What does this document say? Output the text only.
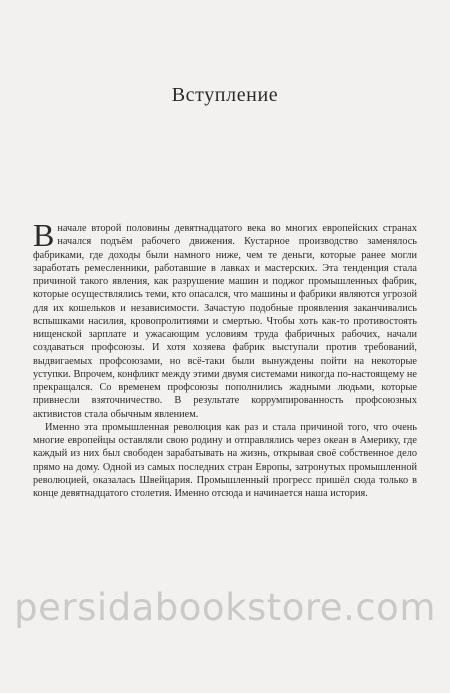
Вступление

Вначале второй половины девятнадцатого века во многих европейских странах начался подъём рабочего движения. Кустарное производство заменялось фабриками, где доходы были намного ниже, чем те деньги, которые ранее могли заработать ремесленники, работавшие в лавках и мастерских. Эта тенденция стала причиной такого явления, как разрушение машин и поджог промышленных фабрик, которые осуществлялись теми, кто опасался, что машины и фабрики являются угрозой для их кошельков и независимости. Зачастую подобные проявления заканчивались вспышками насилия, кровопролитиями и смертью. Чтобы хоть как-то противостоять нищенской зарплате и ужасающим условиям труда фабричных рабочих, начали создаваться профсоюзы. И хотя хозяева фабрик выступали против требований, выдвигаемых профсоюзами, но всё-таки были вынуждены пойти на некоторые уступки. Впрочем, конфликт между этими двумя системами никогда по-настоящему не прекращался. Со временем профсоюзы пополнились жадными людьми, которые привнесли взяточничество. В результате коррумпированность профсоюзных активистов стала обычным явлением.

Именно эта промышленная революция как раз и стала причиной того, что очень многие европейцы оставляли свою родину и отправлялись через океан в Америку, где каждый из них был свободен зарабатывать на жизнь, открывая своё собственное дело прямо на дому. Одной из самых последних стран Европы, затронутых промышленной революцией, оказалась Швейцария. Промышленный прогресс пришёл сюда только в конце девятнадцатого столетия. Именно отсюда и начинается наша история.

persidabookstore.com
